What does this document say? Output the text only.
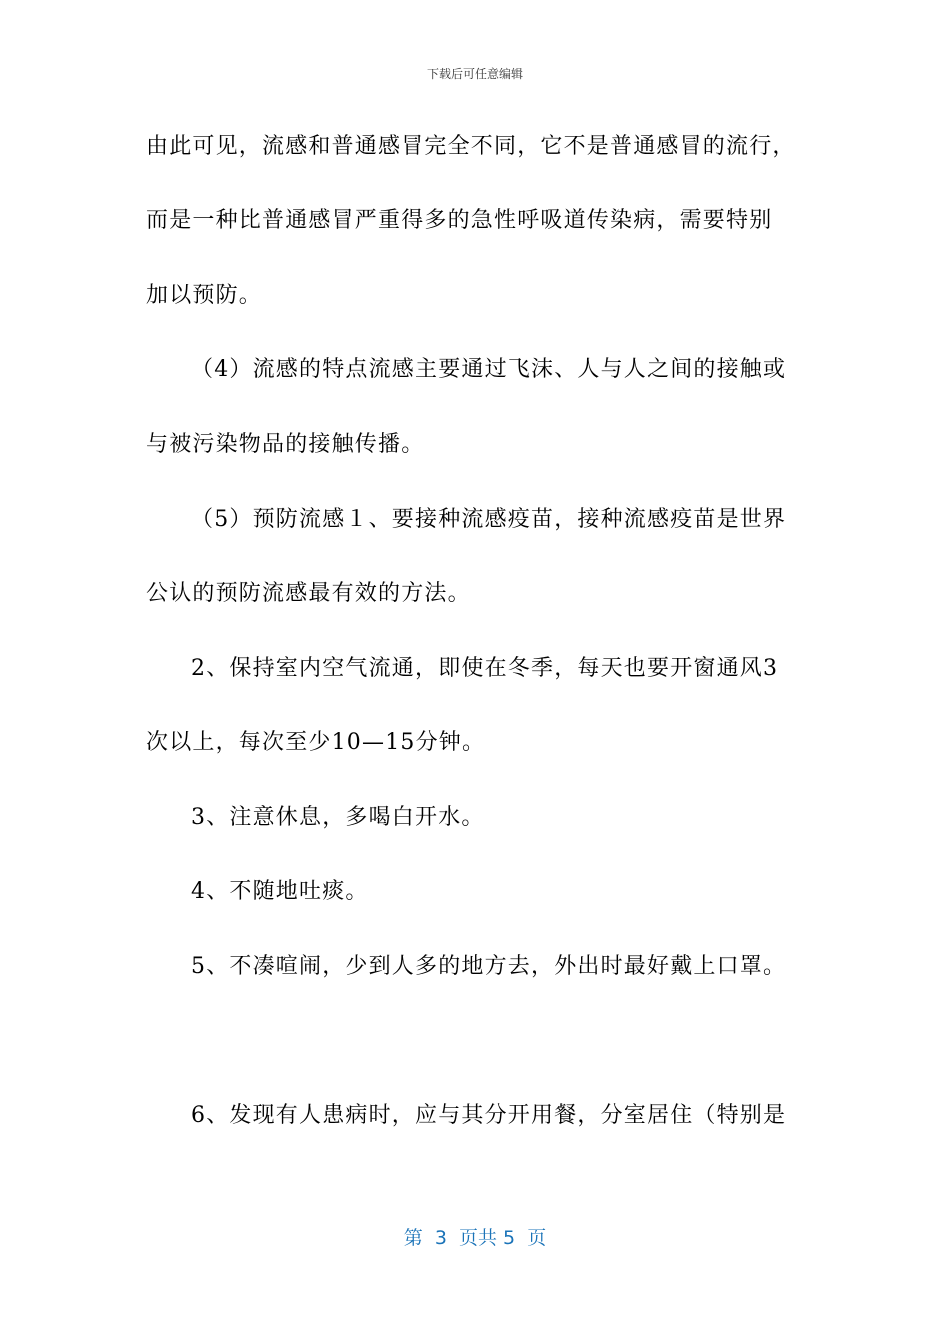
下载后可任意编辑
由此可见，流感和普通感冒完全不同，它不是普通感冒的流行，
而是一种比普通感冒严重得多的急性呼吸道传染病，需要特别
加以预防。
（4）流感的特点流感主要通过飞沫、人与人之间的接触或
与被污染物品的接触传播。
（5）预防流感１、要接种流感疫苗，接种流感疫苗是世界
公认的预防流感最有效的方法。
2、保持室内空气流通，即使在冬季，每天也要开窗通风3
次以上，每次至少10—15分钟。
3、注意休息，多喝白开水。
4、不随地吐痰。
5、不凑喧闹，少到人多的地方去，外出时最好戴上口罩。
6、发现有人患病时，应与其分开用餐，分室居住（特别是
第  3  页共 5  页
